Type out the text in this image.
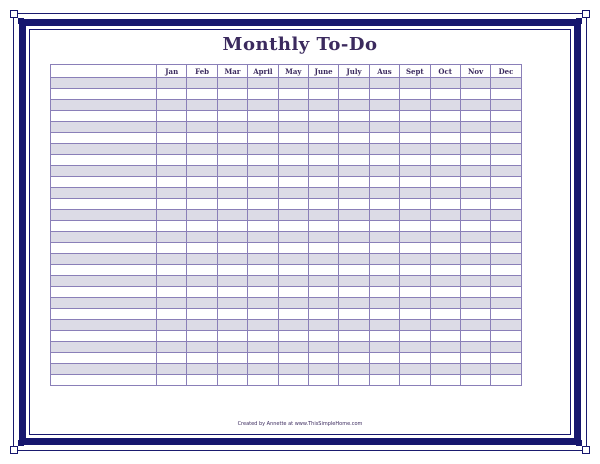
Monthly To-Do
	Jan	Feb	Mar	April	May	June	July	Aus	Sept	Oct	Nov	Dec

Created by Annette at www.ThisSimpleHome.com
